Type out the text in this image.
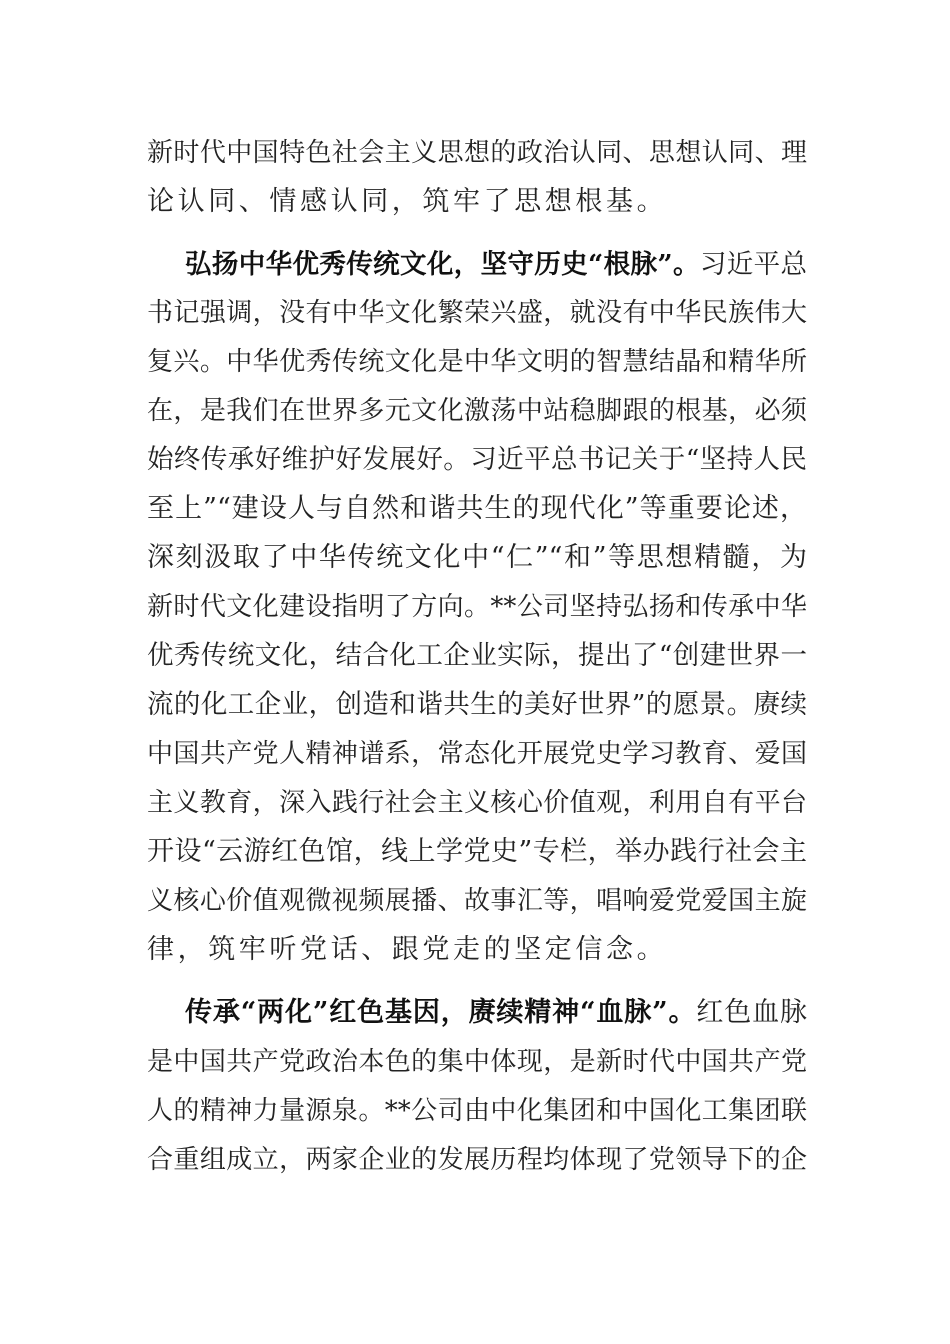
新时代中国特色社会主义思想的政治认同、思想认同、理
论认同、情感认同，筑牢了思想根基。
弘扬中华优秀传统文化，坚守历史“根脉”。习近平总
书记强调，没有中华文化繁荣兴盛，就没有中华民族伟大
复兴。中华优秀传统文化是中华文明的智慧结晶和精华所
在，是我们在世界多元文化激荡中站稳脚跟的根基，必须
始终传承好维护好发展好。习近平总书记关于“坚持人民
至上”“建设人与自然和谐共生的现代化”等重要论述，
深刻汲取了中华传统文化中“仁”“和”等思想精髓，为
新时代文化建设指明了方向。**公司坚持弘扬和传承中华
优秀传统文化，结合化工企业实际，提出了“创建世界一
流的化工企业，创造和谐共生的美好世界”的愿景。赓续
中国共产党人精神谱系，常态化开展党史学习教育、爱国
主义教育，深入践行社会主义核心价值观，利用自有平台
开设“云游红色馆，线上学党史”专栏，举办践行社会主
义核心价值观微视频展播、故事汇等，唱响爱党爱国主旋
律，筑牢听党话、跟党走的坚定信念。
传承“两化”红色基因，赓续精神“血脉”。红色血脉
是中国共产党政治本色的集中体现，是新时代中国共产党
人的精神力量源泉。**公司由中化集团和中国化工集团联
合重组成立，两家企业的发展历程均体现了党领导下的企
